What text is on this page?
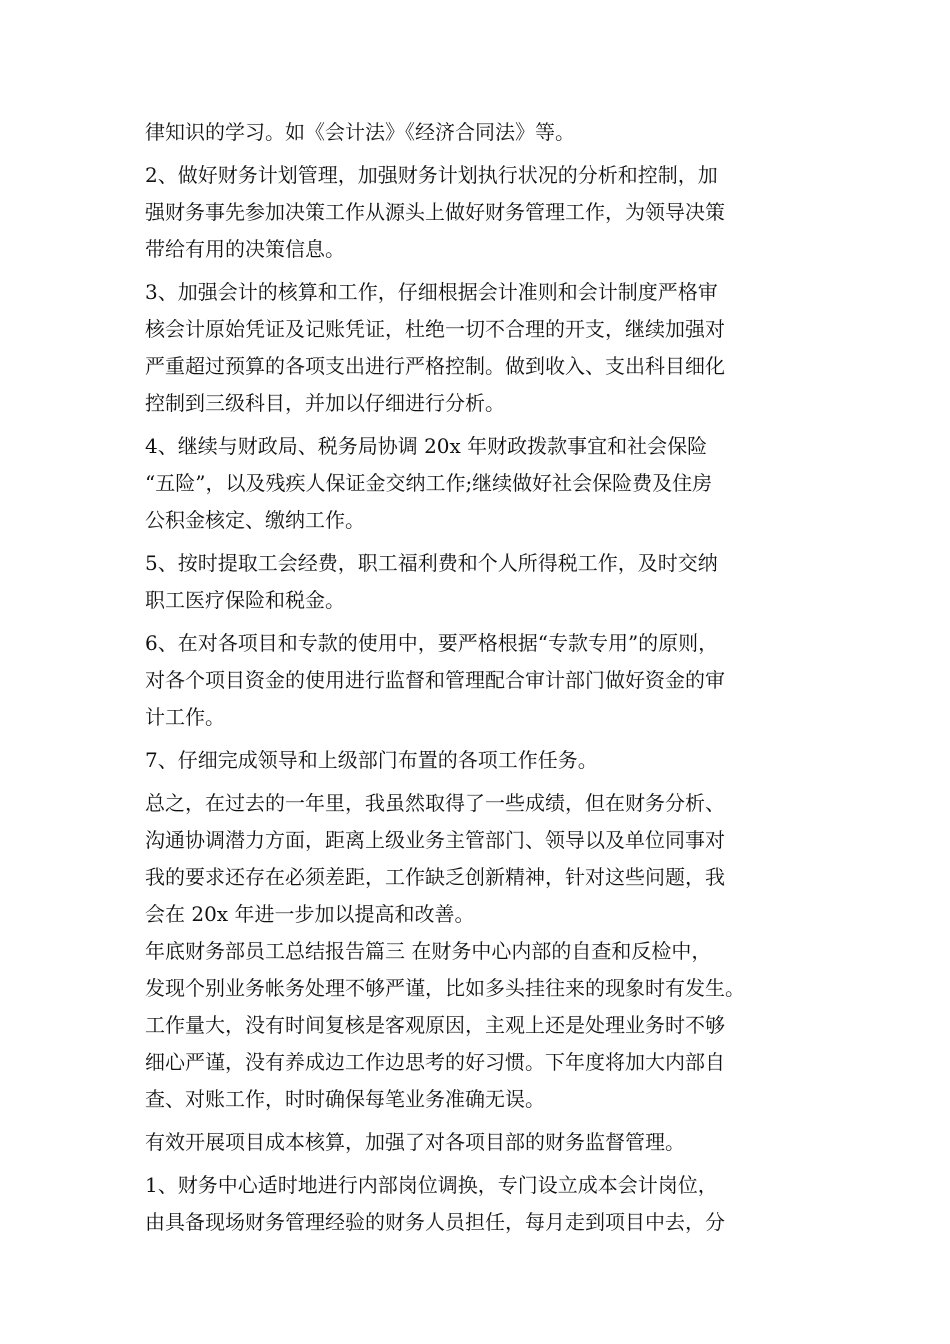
律知识的学习。如《会计法》《经济合同法》等。
2、做好财务计划管理，加强财务计划执行状况的分析和控制，加
强财务事先参加决策工作从源头上做好财务管理工作，为领导决策
带给有用的决策信息。
3、加强会计的核算和工作，仔细根据会计准则和会计制度严格审
核会计原始凭证及记账凭证，杜绝一切不合理的开支，继续加强对
严重超过预算的各项支出进行严格控制。做到收入、支出科目细化
控制到三级科目，并加以仔细进行分析。
4、继续与财政局、税务局协调 20x 年财政拨款事宜和社会保险
“五险”，以及残疾人保证金交纳工作;继续做好社会保险费及住房
公积金核定、缴纳工作。
5、按时提取工会经费，职工福利费和个人所得税工作，及时交纳
职工医疗保险和税金。
6、在对各项目和专款的使用中，要严格根据“专款专用”的原则，
对各个项目资金的使用进行监督和管理配合审计部门做好资金的审
计工作。
7、仔细完成领导和上级部门布置的各项工作任务。
总之，在过去的一年里，我虽然取得了一些成绩，但在财务分析、
沟通协调潜力方面，距离上级业务主管部门、领导以及单位同事对
我的要求还存在必须差距，工作缺乏创新精神，针对这些问题，我
会在 20x 年进一步加以提高和改善。
年底财务部员工总结报告篇三 在财务中心内部的自查和反检中，
发现个别业务帐务处理不够严谨，比如多头挂往来的现象时有发生。
工作量大，没有时间复核是客观原因，主观上还是处理业务时不够
细心严谨，没有养成边工作边思考的好习惯。下年度将加大内部自
查、对账工作，时时确保每笔业务准确无误。
有效开展项目成本核算，加强了对各项目部的财务监督管理。
1、财务中心适时地进行内部岗位调换，专门设立成本会计岗位，
由具备现场财务管理经验的财务人员担任，每月走到项目中去，分
